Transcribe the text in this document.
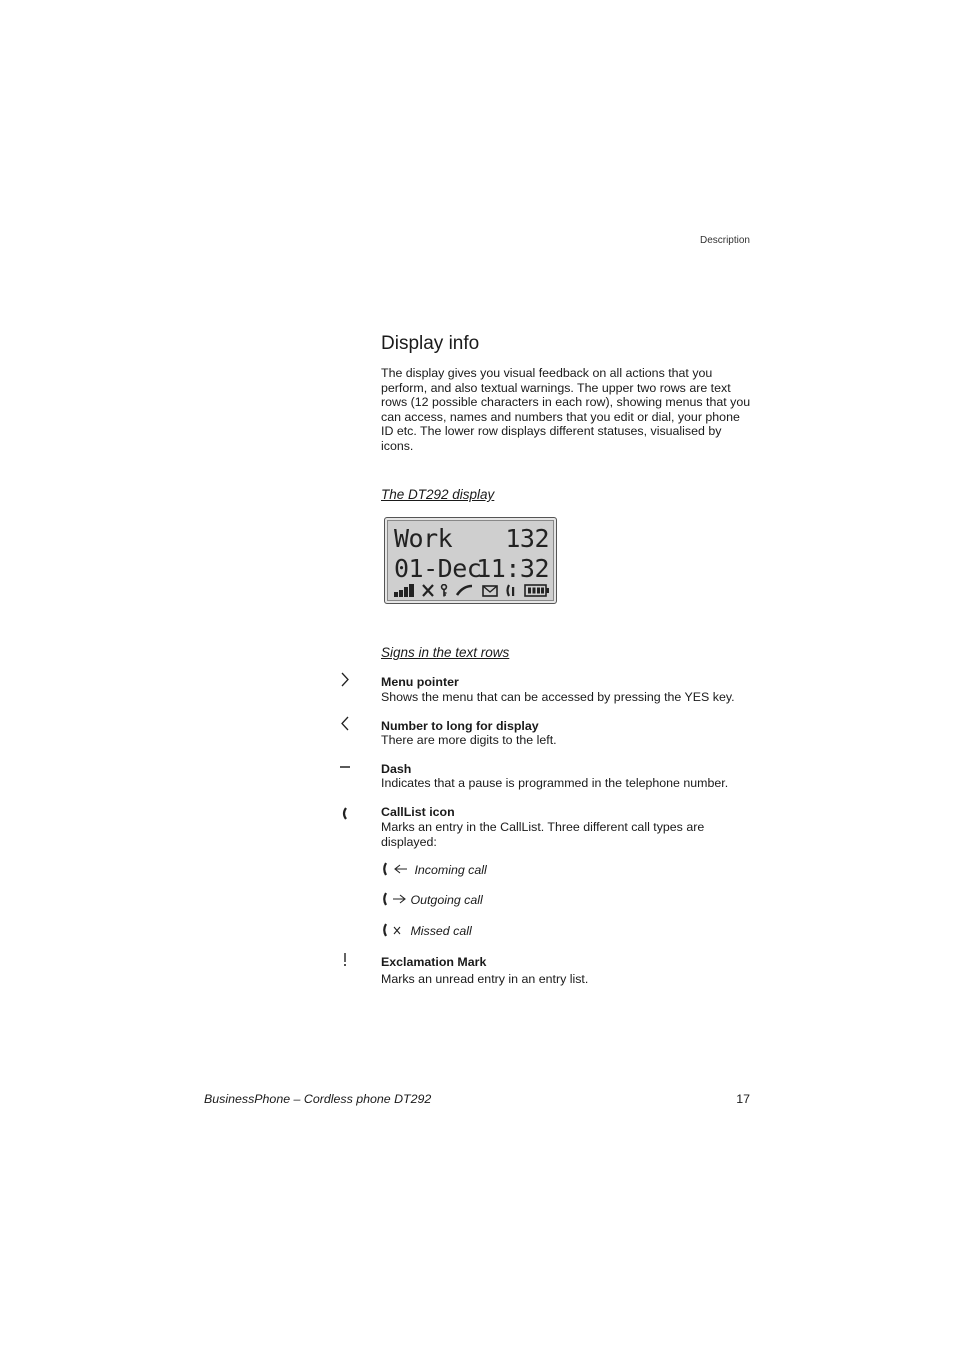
Description
Display info

The display gives you visual feedback on all actions that you perform, and also textual warnings. The upper two rows are text rows (12 possible characters in each row), showing menus that you can access, names and numbers that you edit or dial, your phone ID etc. The lower row displays different statuses, visualised by icons.

The DT292 display
Work 132
01-Dec
11:32
Signs in the text rows
Menu pointer
Shows the menu that can be accessed by pressing the YES key.
Number to long for display
There are more digits to the left.
Dash
Indicates that a pause is programmed in the telephone number.
CallList icon
Marks an entry in the CallList. Three different call types are displayed:
Incoming call
Outgoing call
Missed call
Exclamation Mark
Marks an unread entry in an entry list.
BusinessPhone – Cordless phone DT292	17
